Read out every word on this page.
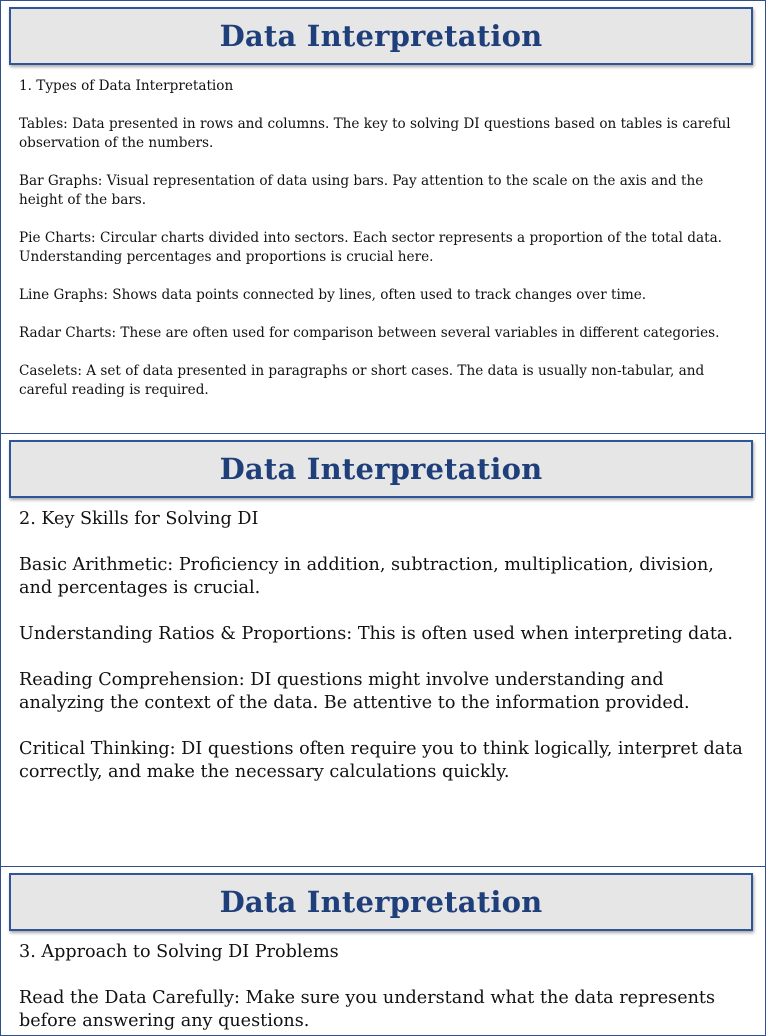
Data Interpretation

1. Types of Data Interpretation

Tables: Data presented in rows and columns. The key to solving DI questions based on tables is careful observation of the numbers.

Bar Graphs: Visual representation of data using bars. Pay attention to the scale on the axis and the height of the bars.

Pie Charts: Circular charts divided into sectors. Each sector represents a proportion of the total data. Understanding percentages and proportions is crucial here.

Line Graphs: Shows data points connected by lines, often used to track changes over time.

Radar Charts: These are often used for comparison between several variables in different categories.

Caselets: A set of data presented in paragraphs or short cases. The data is usually non-tabular, and careful reading is required.

Data Interpretation

2. Key Skills for Solving DI

Basic Arithmetic: Proficiency in addition, subtraction, multiplication, division, and percentages is crucial.

Understanding Ratios & Proportions: This is often used when interpreting data.

Reading Comprehension: DI questions might involve understanding and analyzing the context of the data. Be attentive to the information provided.

Critical Thinking: DI questions often require you to think logically, interpret data correctly, and make the necessary calculations quickly.

Data Interpretation

3. Approach to Solving DI Problems

Read the Data Carefully: Make sure you understand what the data represents before answering any questions.
